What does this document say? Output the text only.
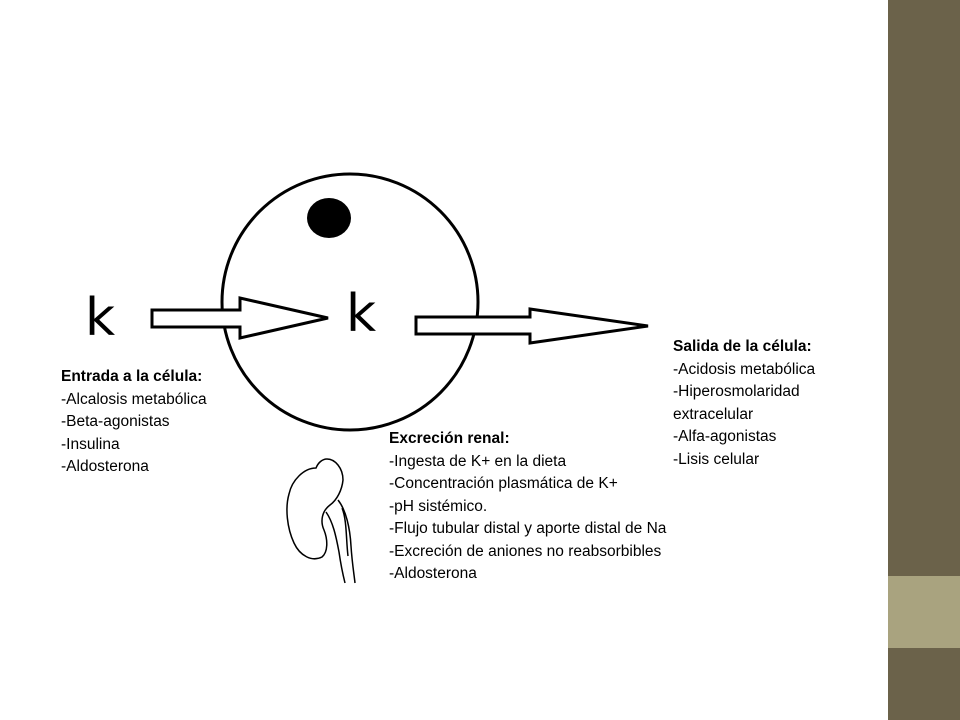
k	k
Entrada a la célula:
-Alcalosis metabólica
-Beta-agonistas
-Insulina
-Aldosterona
Salida de la célula:
-Acidosis metabólica
-Hiperosmolaridad
extracelular
-Alfa-agonistas
-Lisis celular
Excreción renal:
-Ingesta de K+ en la dieta
-Concentración plasmática de K+
-pH sistémico.
-Flujo tubular distal y aporte distal de Na
-Excreción de aniones no reabsorbibles
-Aldosterona
